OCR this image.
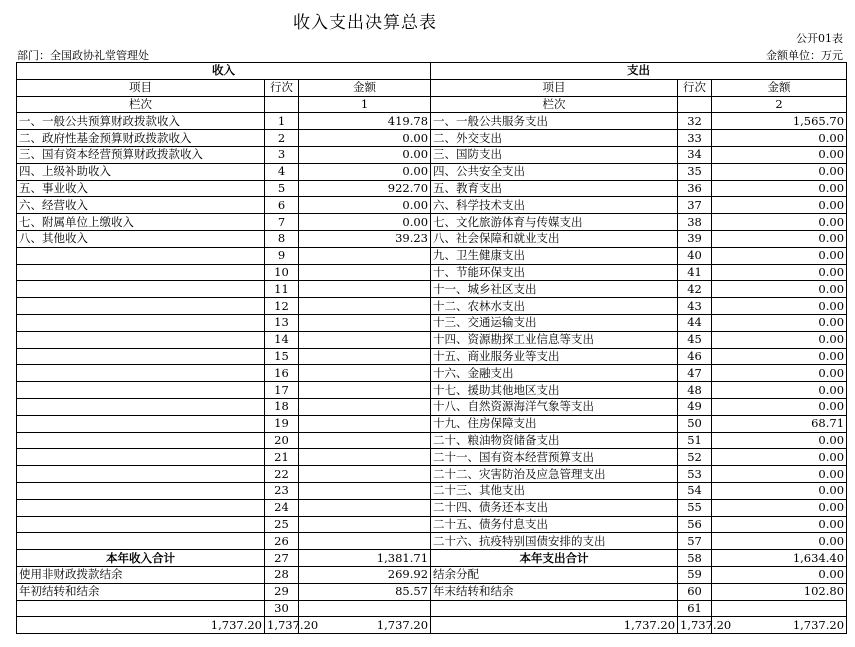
收入支出决算总表
公开01表
部门：全国政协礼堂管理处	金额单位：万元
收入			支出		
项目	行次	金额	项目	行次	金额
栏次		1	栏次		2
一、一般公共预算财政拨款收入	1	419.78	一、一般公共服务支出	32	1,565.70
二、政府性基金预算财政拨款收入	2	0.00	二、外交支出	33	0.00
三、国有资本经营预算财政拨款收入	3	0.00	三、国防支出	34	0.00
四、上级补助收入	4	0.00	四、公共安全支出	35	0.00
五、事业收入	5	922.70	五、教育支出	36	0.00
六、经营收入	6	0.00	六、科学技术支出	37	0.00
七、附属单位上缴收入	7	0.00	七、文化旅游体育与传媒支出	38	0.00
八、其他收入	8	39.23	八、社会保障和就业支出	39	0.00
	9		九、卫生健康支出	40	0.00
	10		十、节能环保支出	41	0.00
	11		十一、城乡社区支出	42	0.00
	12		十二、农林水支出	43	0.00
	13		十三、交通运输支出	44	0.00
	14		十四、资源勘探工业信息等支出	45	0.00
	15		十五、商业服务业等支出	46	0.00
	16		十六、金融支出	47	0.00
	17		十七、援助其他地区支出	48	0.00
	18		十八、自然资源海洋气象等支出	49	0.00
	19		十九、住房保障支出	50	68.71
	20		二十、粮油物资储备支出	51	0.00
	21		二十一、国有资本经营预算支出	52	0.00
	22		二十二、灾害防治及应急管理支出	53	0.00
	23		二十三、其他支出	54	0.00
	24		二十四、债务还本支出	55	0.00
	25		二十五、债务付息支出	56	0.00
	26		二十六、抗疫特别国债安排的支出	57	0.00
本年收入合计	27	1,381.71	本年支出合计	58	1,634.40
使用非财政拨款结余	28	269.92	结余分配	59	0.00
年初结转和结余	29	85.57	年末结转和结余	60	102.80
	30			61	
1,737.20	1,737.20	1,737.20	1,737.20	1,737.20	1,737.20
